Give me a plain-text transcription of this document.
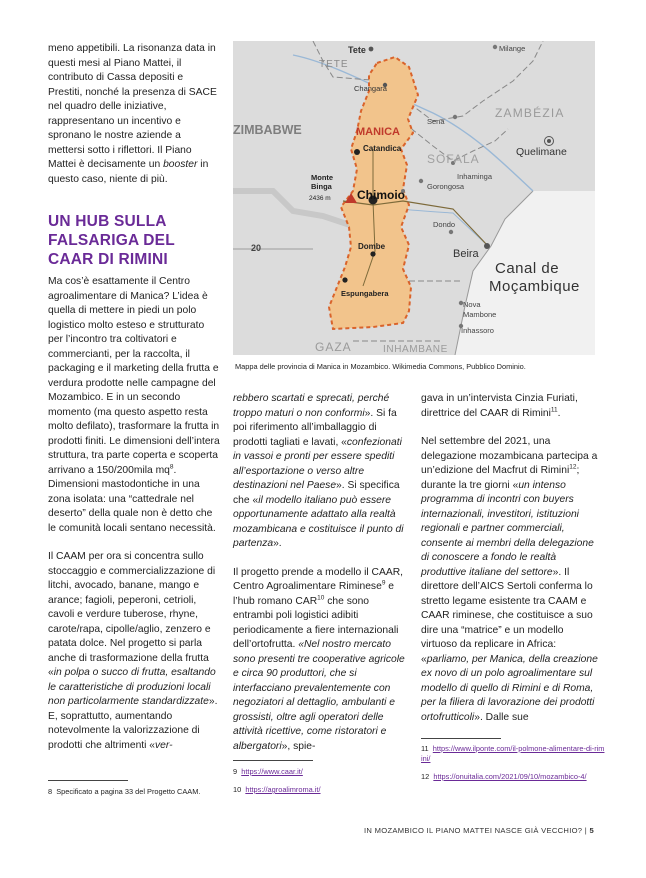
meno appetibili. La risonanza data in questi mesi al Piano Mattei, il contributo di Cassa depositi e Prestiti, nonché la presenza di SACE nel quadro delle iniziative, rappresentano un incentivo e spronano le nostre aziende a mettersi sotto i riflettori. Il Piano Mattei è decisamente un booster in questo caso, niente di più.

UN HUB SULLA FALSARIGA DEL CAAR DI RIMINI

Ma cos’è esattamente il Centro agroalimentare di Manica? L’idea è quella di mettere in piedi un polo logistico molto esteso e strutturato per l’incontro tra coltivatori e commercianti, per la raccolta, il packaging e il marketing della frutta e verdura prodotte nelle campagne del Mozambico. E in un secondo momento (ma questo aspetto resta molto defilato), trasformare la frutta in prodotti finiti. Le dimensioni dell’intera struttura, tra parte coperta e scoperta arrivano a 150/200mila $mq^8$. Dimensioni mastodontiche in una zona isolata: una “cattedrale nel deserto” della quale non è detto che le comunità locali sentano necessità.

Il CAAM per ora si concentra sullo stoccaggio e commercializzazione di litchi, avocado, banane, mango e arance; fagioli, peperoni, cetrioli, cavoli e verdure tuberose, rhyne, carote/rapa, cipolle/aglio, zenzero e patata dolce. Nel progetto si parla anche di trasformazione della frutta «in polpa o succo di frutta, esaltando le caratteristiche di produzioni locali non particolarmente standardizzate». E, soprattutto, aumentando notevolmente la valorizzazione di prodotti che altrimenti «ver-

8 Specificato a pagina 33 del Progetto CAAM.
Tete
TETE
Milange
Changara
ZAMBÉZIA
Sena
MANICA
Quelimane
ZIMBABWE
Catandica
SOFALA
Inhaminga
Monte
Binga
2436 m Chimoio
Gorongosa
Dondo
Beira
20	Dombe
Canal de
Moçambique
Espungabera
Nova
Mambone
Inhassoro
GAZA	INHAMBANE
Mappa delle provincia di Manica in Mozambico. Wikimedia Commons, Pubblico Dominio.

rebbero scartati e sprecati, perché troppo maturi o non conformi». Si fa poi riferimento all’imballaggio di prodotti tagliati e lavati, «confezionati in vassoi e pronti per essere spediti all’esportazione o verso altre destinazioni nel Paese». Si specifica che «il modello italiano può essere opportunamente adattato alla realtà mozambicana e costituisce il punto di partenza».

Il progetto prende a modello il CAAR, Centro Agroalimentare Riminese$^9$ e l’hub romano CAR$^{10}$ che sono entrambi poli logistici adibiti periodicamente a fiere internazionali dell’ortofrutta. «Nel nostro mercato sono presenti tre cooperative agricole e circa 90 produttori, che si interfacciano prevalentemente con negoziatori al dettaglio, ambulanti e grossisti, oltre agli operatori delle attività ricettive, come ristoratori e albergatori», spie-

9 https://www.caar.it/
10 https://agroalimroma.it/

gava in un’intervista Cinzia Furiati, direttrice del CAAR di Rimini$^{11}$.

Nel settembre del 2021, una delegazione mozambicana partecipa a un’edizione del Macfrut di Rimini$^{12}$; durante la tre giorni «un intenso programma di incontri con buyers internazionali, investitori, istituzioni regionali e partner commerciali, consente ai membri della delegazione di conoscere a fondo le realtà produttive italiane del settore». Il direttore dell’AICS Sertoli conferma lo stretto legame esistente tra CAAM e CAAR riminese, che costituisce a suo dire una “matrice” e un modello virtuoso da replicare in Africa: «parliamo, per Manica, della creazione ex novo di un polo agroalimentare sul modello di quello di Rimini e di Roma, per la filiera di lavorazione dei prodotti ortofrutticoli». Dalle sue

11 https://www.ilponte.com/il-polmone-alimentare-di-rimini/
12 https://onuitalia.com/2021/09/10/mozambico-4/
IN MOZAMBICO IL PIANO MATTEI NASCE GIÀ VECCHIO? | 5
